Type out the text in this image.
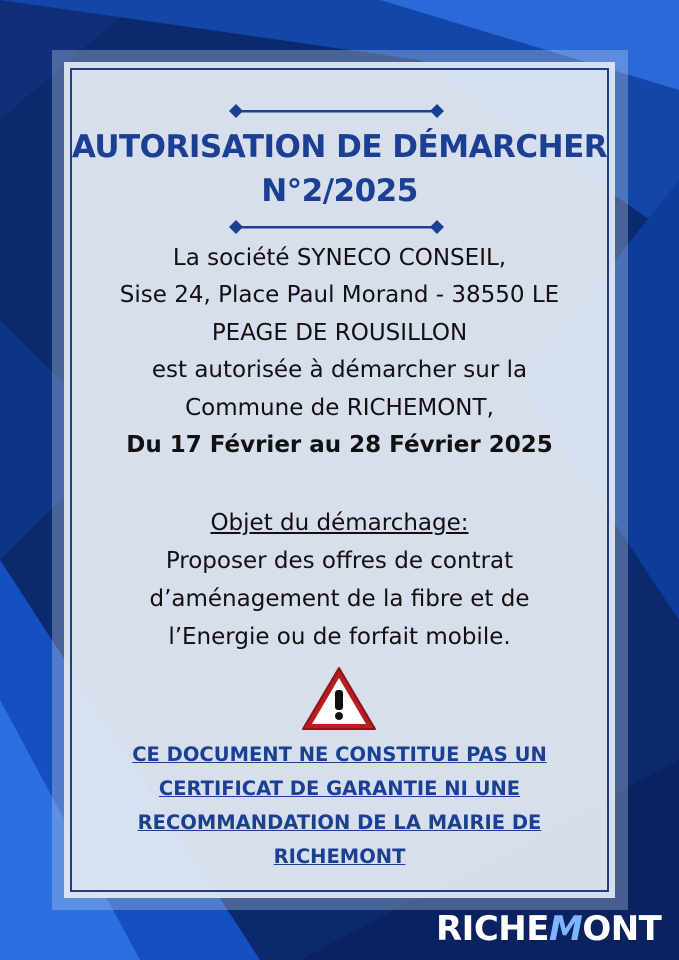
AUTORISATION DE DÉMARCHER
N°2/2025
La société SYNECO CONSEIL,
Sise 24, Place Paul Morand - 38550 LE
PEAGE DE ROUSILLON
est autorisée à démarcher sur la
Commune de RICHEMONT,
Du 17 Février au 28 Février 2025
Objet du démarchage:
Proposer des offres de contrat
d’aménagement de la fibre et de
l’Energie ou de forfait mobile.
CE DOCUMENT NE CONSTITUE PAS UN
CERTIFICAT DE GARANTIE NI UNE
RECOMMANDATION DE LA MAIRIE DE
RICHEMONT
RICHEMONT
